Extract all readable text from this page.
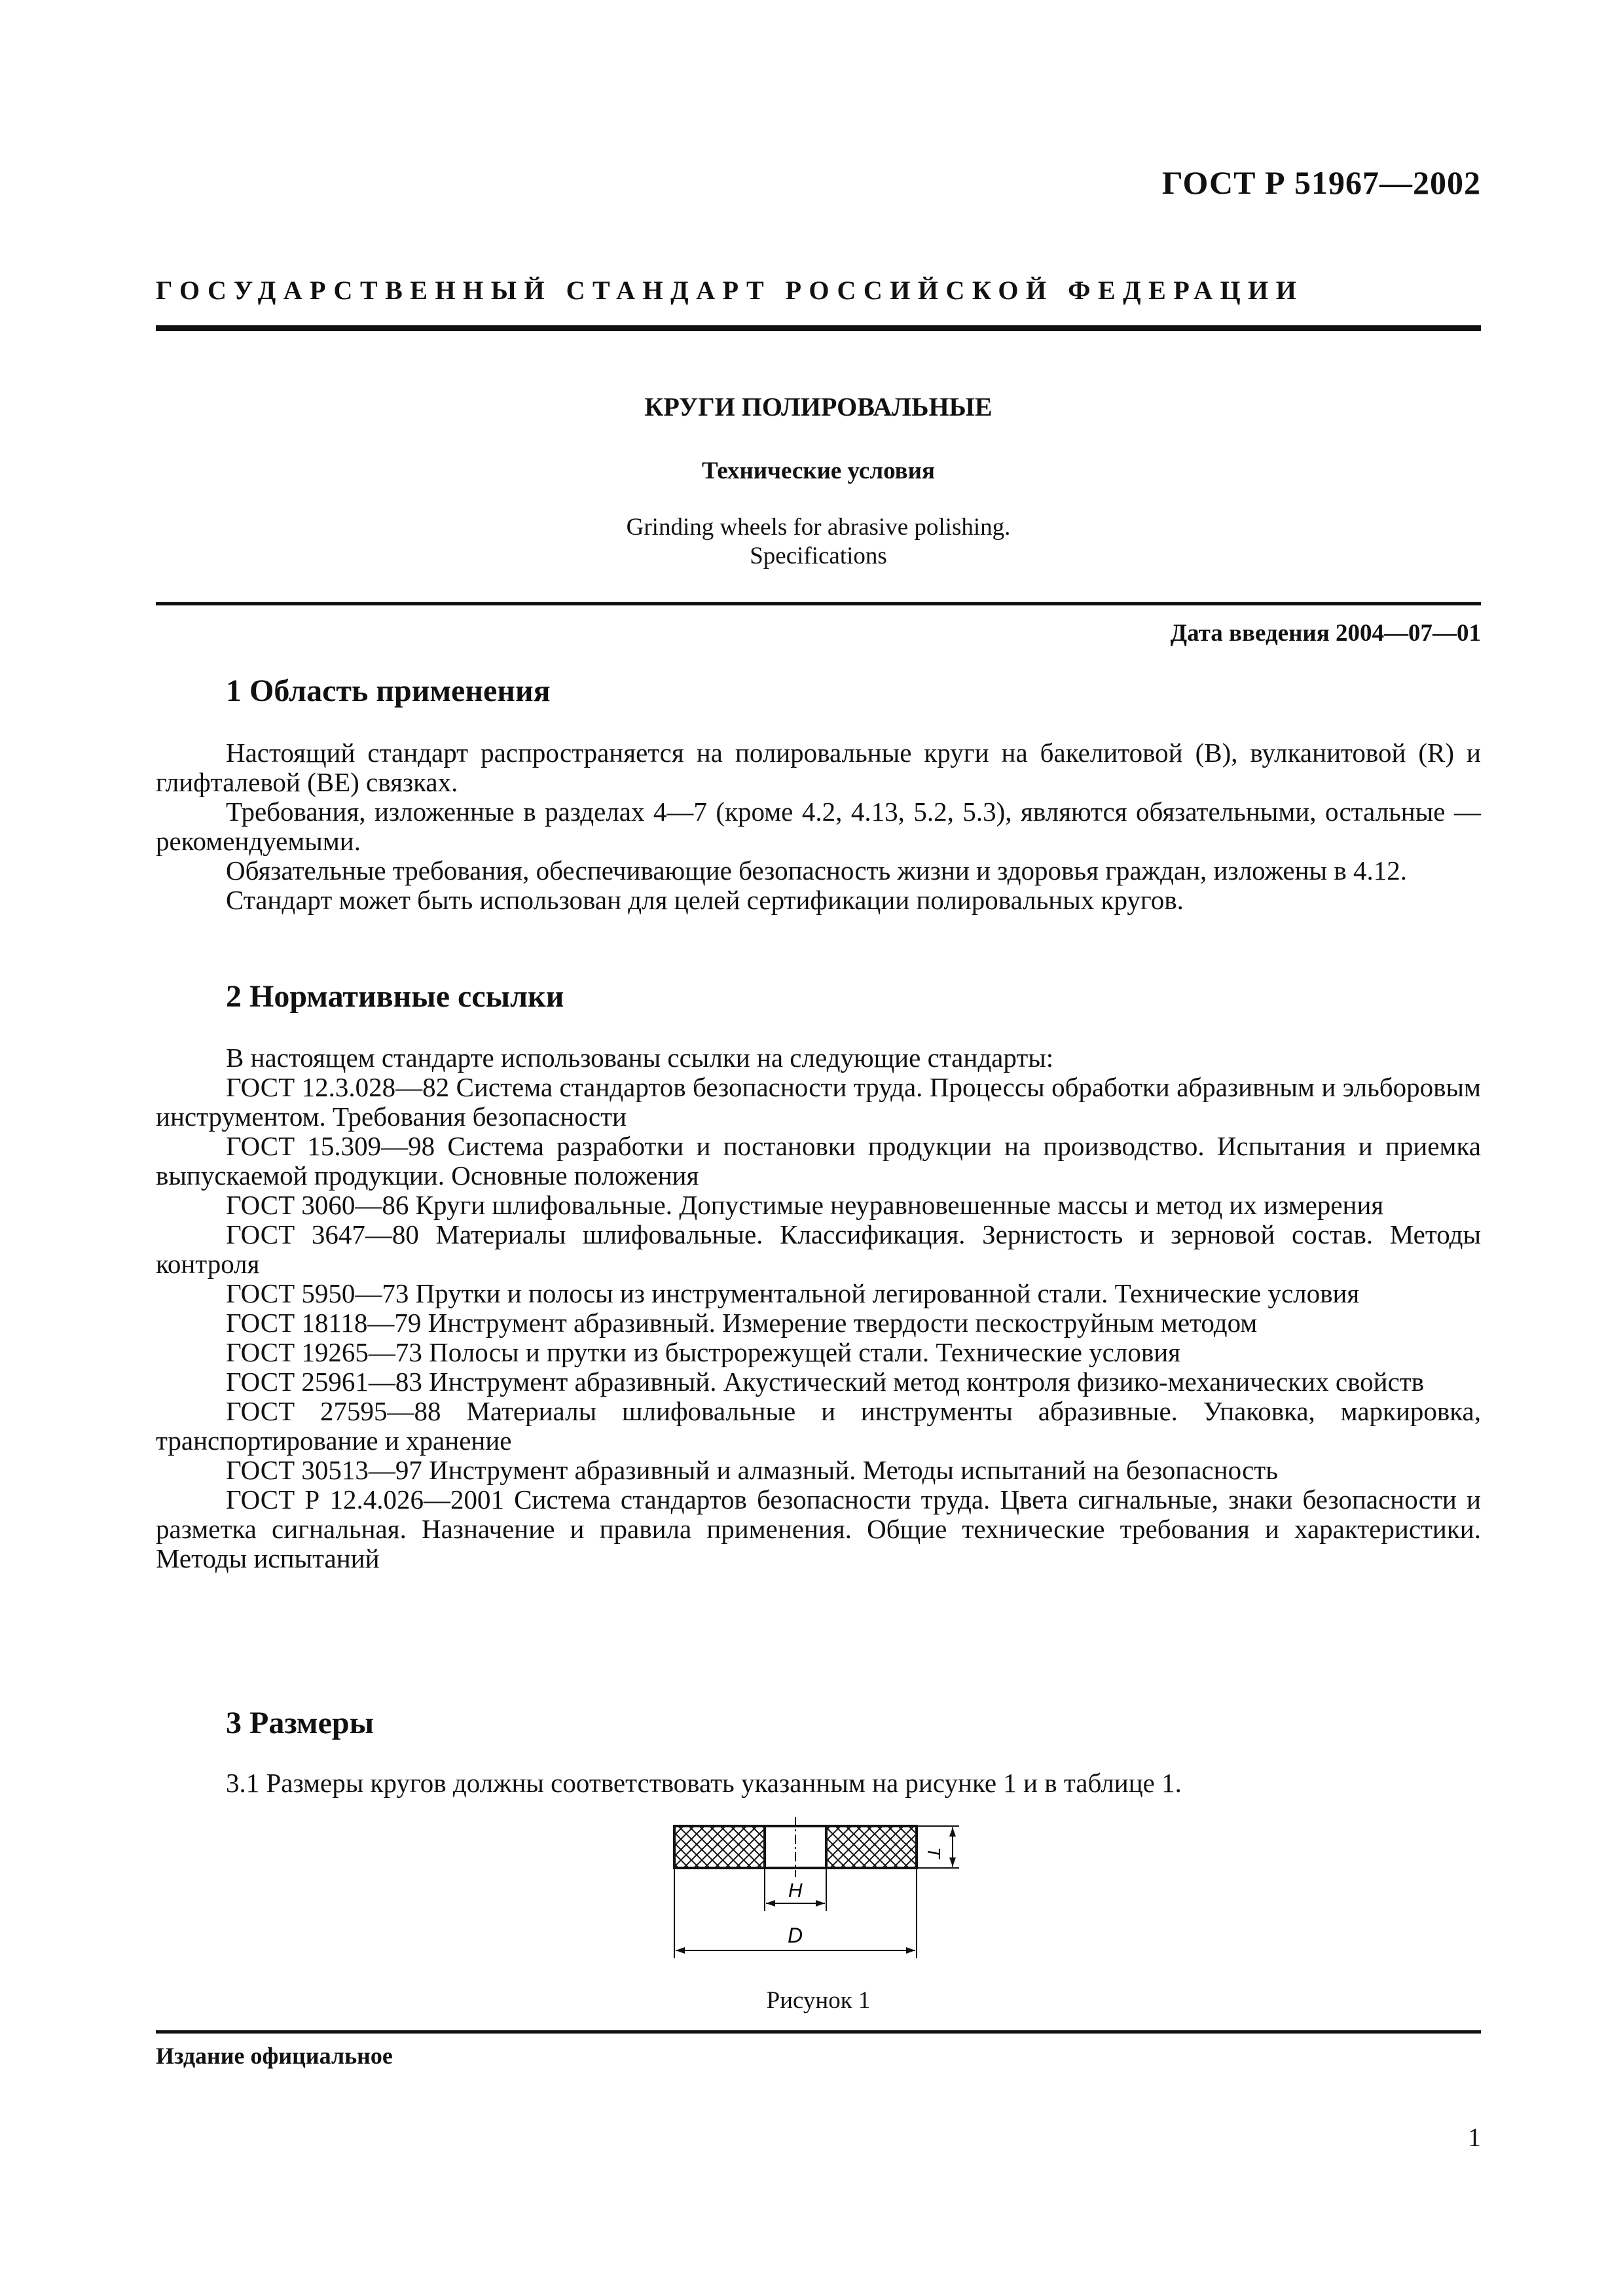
ГОСТ Р 51967—2002
ГОСУДАРСТВЕННЫЙ СТАНДАРТ РОССИЙСКОЙ ФЕДЕРАЦИИ
КРУГИ ПОЛИРОВАЛЬНЫЕ
Технические условия
Grinding wheels for abrasive polishing.
Specifications
Дата введения 2004—07—01
1 Область применения

Настоящий стандарт распространяется на полировальные круги на бакелитовой (B), вулканитовой (R) и глифталевой (BE) связках.

Требования, изложенные в разделах 4—7 (кроме 4.2, 4.13, 5.2, 5.3), являются обязательными, остальные — рекомендуемыми.

Обязательные требования, обеспечивающие безопасность жизни и здоровья граждан, изложены в 4.12.

Стандарт может быть использован для целей сертификации полировальных кругов.

2 Нормативные ссылки

В настоящем стандарте использованы ссылки на следующие стандарты:

ГОСТ 12.3.028—82 Система стандартов безопасности труда. Процессы обработки абразивным и эльборовым инструментом. Требования безопасности

ГОСТ 15.309—98 Система разработки и постановки продукции на производство. Испытания и приемка выпускаемой продукции. Основные положения

ГОСТ 3060—86 Круги шлифовальные. Допустимые неуравновешенные массы и метод их измерения

ГОСТ 3647—80 Материалы шлифовальные. Классификация. Зернистость и зерновой состав. Методы контроля

ГОСТ 5950—73 Прутки и полосы из инструментальной легированной стали. Технические условия

ГОСТ 18118—79 Инструмент абразивный. Измерение твердости пескоструйным методом

ГОСТ 19265—73 Полосы и прутки из быстрорежущей стали. Технические условия

ГОСТ 25961—83 Инструмент абразивный. Акустический метод контроля физико-механических свойств

ГОСТ 27595—88 Материалы шлифовальные и инструменты абразивные. Упаковка, маркировка, транспортирование и хранение

ГОСТ 30513—97 Инструмент абразивный и алмазный. Методы испытаний на безопасность

ГОСТ Р 12.4.026—2001 Система стандартов безопасности труда. Цвета сигнальные, знаки безопасности и разметка сигнальная. Назначение и правила применения. Общие технические требования и характеристики. Методы испытаний

3 Размеры

3.1 Размеры кругов должны соответствовать указанным на рисунке 1 и в таблице 1.

T
H
D
Рисунок 1
Издание официальное
1
